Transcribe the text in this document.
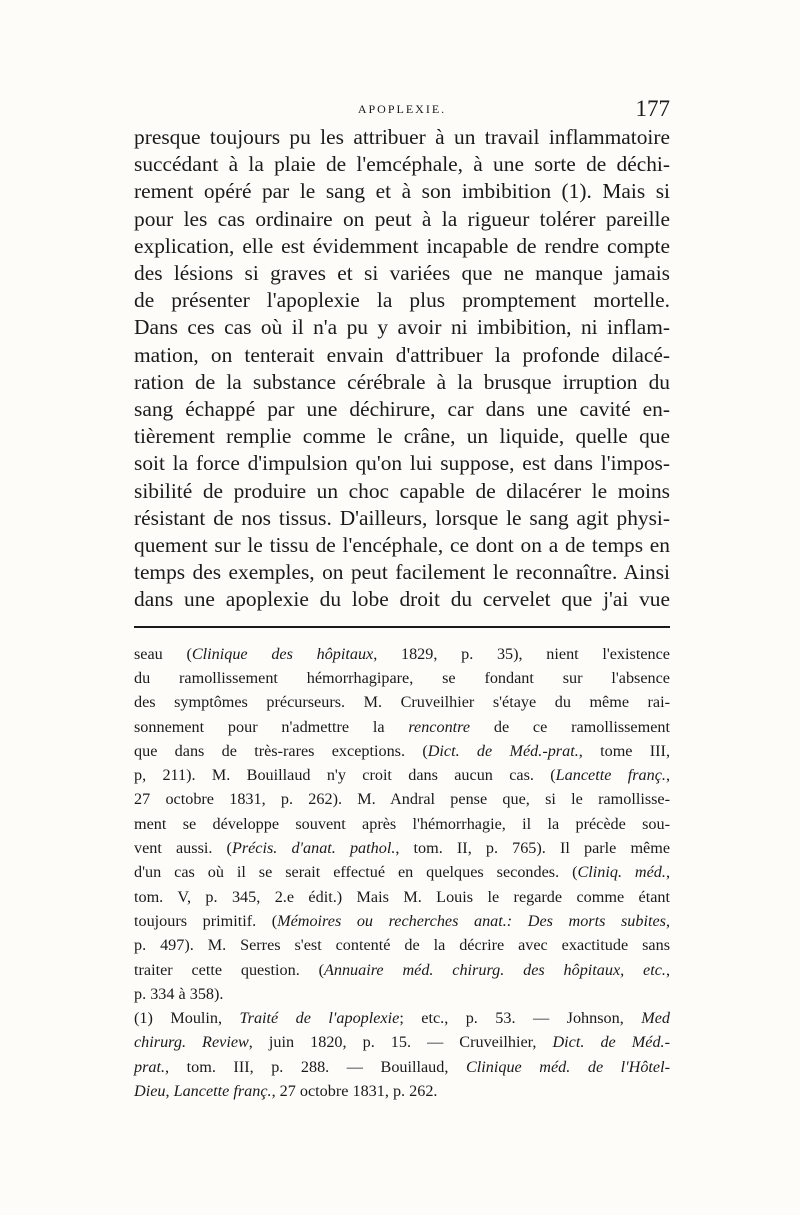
APOPLEXIE.	177

presque toujours pu les attribuer à un travail inflammatoire
succédant à la plaie de l'emcéphale, à une sorte de déchi-
rement opéré par le sang et à son imbibition (1). Mais si
pour les cas ordinaire on peut à la rigueur tolérer pareille
explication, elle est évidemment incapable de rendre compte
des lésions si graves et si variées que ne manque jamais
de présenter l'apoplexie la plus promptement mortelle.
Dans ces cas où il n'a pu y avoir ni imbibition, ni inflam-
mation, on tenterait envain d'attribuer la profonde dilacé-
ration de la substance cérébrale à la brusque irruption du
sang échappé par une déchirure, car dans une cavité en-
tièrement remplie comme le crâne, un liquide, quelle que
soit la force d'impulsion qu'on lui suppose, est dans l'impos-
sibilité de produire un choc capable de dilacérer le moins
résistant de nos tissus. D'ailleurs, lorsque le sang agit physi-
quement sur le tissu de l'encéphale, ce dont on a de temps en
temps des exemples, on peut facilement le reconnaître. Ainsi
dans une apoplexie du lobe droit du cervelet que j'ai vue

seau (Clinique des hôpitaux, 1829, p. 35), nient l'existence
du ramollissement hémorrhagipare, se fondant sur l'absence
des symptômes précurseurs. M. Cruveilhier s'étaye du même rai-
sonnement pour n'admettre la rencontre de ce ramollissement
que dans de très-rares exceptions. (Dict. de Méd.-prat., tome III,
p, 211). M. Bouillaud n'y croit dans aucun cas. (Lancette franç.,
27 octobre 1831, p. 262). M. Andral pense que, si le ramollisse-
ment se développe souvent après l'hémorrhagie, il la précède sou-
vent aussi. (Précis. d'anat. pathol., tom. II, p. 765). Il parle même
d'un cas où il se serait effectué en quelques secondes. (Cliniq. méd.,
tom. V, p. 345, 2.e édit.) Mais M. Louis le regarde comme étant
toujours primitif. (Mémoires ou recherches anat.: Des morts subites,
p. 497). M. Serres s'est contenté de la décrire avec exactitude sans
traiter cette question. (Annuaire méd. chirurg. des hôpitaux, etc.,
p. 334 à 358).
(1) Moulin, Traité de l'apoplexie; etc., p. 53. — Johnson, Med
chirurg. Review, juin 1820, p. 15. — Cruveilhier, Dict. de Méd.-
prat., tom. III, p. 288. — Bouillaud, Clinique méd. de l'Hôtel-
Dieu, Lancette franç., 27 octobre 1831, p. 262.
